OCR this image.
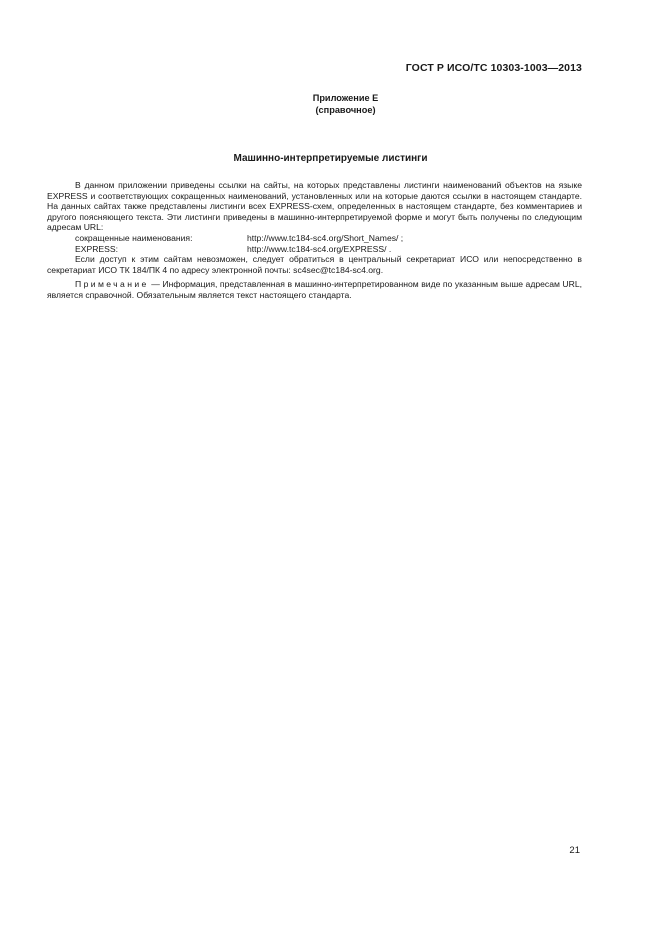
ГОСТ Р ИСО/ТС 10303-1003—2013
Приложение Е
(справочное)
Машинно-интерпретируемые листинги

В данном приложении приведены ссылки на сайты, на которых представлены листинги наименований объектов на языке EXPRESS и соответствующих сокращенных наименований, установленных или на которые даются ссылки в настоящем стандарте. На данных сайтах также представлены листинги всех EXPRESS-схем, определенных в настоящем стандарте, без комментариев и другого поясняющего текста. Эти листинги приведены в машинно-интерпретируемой форме и могут быть получены по следующим адресам URL:

сокращенные наименования:	http://www.tc184-sc4.org/Short_Names/ ;
EXPRESS:	http://www.tc184-sc4.org/EXPRESS/ .

Если доступ к этим сайтам невозможен, следует обратиться в центральный секретариат ИСО или непосредственно в секретариат ИСО ТК 184/ПК 4 по адресу электронной почты: sc4sec@tc184-sc4.org.

Примечание — Информация, представленная в машинно-интерпретированном виде по указанным выше адресам URL, является справочной. Обязательным является текст настоящего стандарта.

21
